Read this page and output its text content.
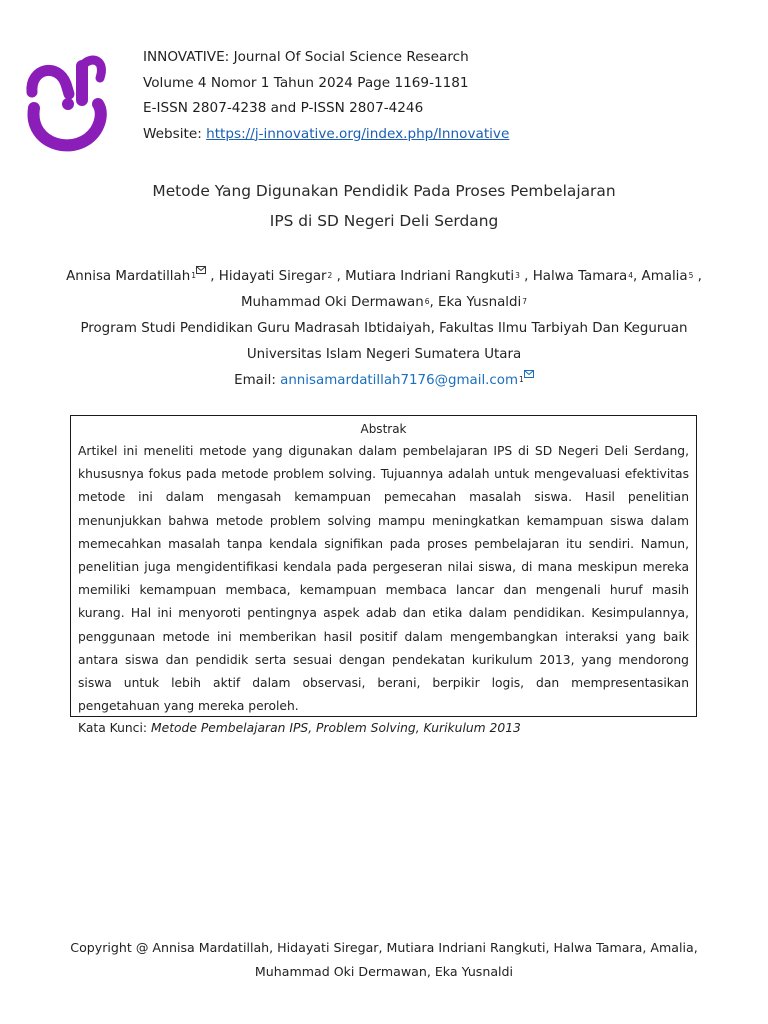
INNOVATIVE: Journal Of Social Science Research
Volume 4 Nomor 1 Tahun 2024 Page 1169-1181
E-ISSN 2807-4238 and P-ISSN 2807-4246
Website: https://j-innovative.org/index.php/Innovative
Metode Yang Digunakan Pendidik Pada Proses Pembelajaran
IPS di SD Negeri Deli Serdang
Annisa Mardatillah$^1$ , Hidayati Siregar$^2$ , Mutiara Indriani Rangkuti$^3$ , Halwa Tamara$^4$, Amalia$^5$ ,
Muhammad Oki Dermawan$^6$, Eka Yusnaldi$^7$
Program Studi Pendidikan Guru Madrasah Ibtidaiyah, Fakultas Ilmu Tarbiyah Dan Keguruan
Universitas Islam Negeri Sumatera Utara
Email: annisamardatillah7176@gmail.com$^1$
Abstrak
Artikel ini meneliti metode yang digunakan dalam pembelajaran IPS di SD Negeri Deli Serdang, khususnya fokus pada metode problem solving. Tujuannya adalah untuk mengevaluasi efektivitas metode ini dalam mengasah kemampuan pemecahan masalah siswa. Hasil penelitian menunjukkan bahwa metode problem solving mampu meningkatkan kemampuan siswa dalam memecahkan masalah tanpa kendala signifikan pada proses pembelajaran itu sendiri. Namun, penelitian juga mengidentifikasi kendala pada pergeseran nilai siswa, di mana meskipun mereka memiliki kemampuan membaca, kemampuan membaca lancar dan mengenali huruf masih kurang. Hal ini menyoroti pentingnya aspek adab dan etika dalam pendidikan. Kesimpulannya, penggunaan metode ini memberikan hasil positif dalam mengembangkan interaksi yang baik antara siswa dan pendidik serta sesuai dengan pendekatan kurikulum 2013, yang mendorong siswa untuk lebih aktif dalam observasi, berani, berpikir logis, dan mempresentasikan pengetahuan yang mereka peroleh.
Kata Kunci: Metode Pembelajaran IPS, Problem Solving, Kurikulum 2013
Copyright @ Annisa Mardatillah, Hidayati Siregar, Mutiara Indriani Rangkuti, Halwa Tamara, Amalia,
Muhammad Oki Dermawan, Eka Yusnaldi
